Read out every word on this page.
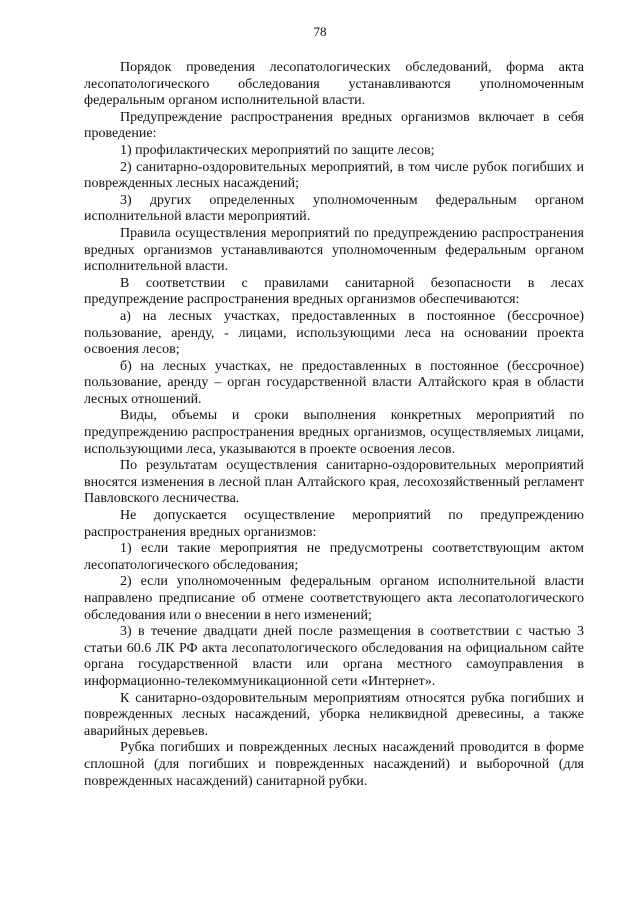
78

Порядок проведения лесопатологических обследований, форма акта лесопатологического обследования устанавливаются уполномоченным федеральным органом исполнительной власти.

Предупреждение распространения вредных организмов включает в себя проведение:

1) профилактических мероприятий по защите лесов;

2) санитарно-оздоровительных мероприятий, в том числе рубок погибших и поврежденных лесных насаждений;

3) других определенных уполномоченным федеральным органом исполнительной власти мероприятий.

Правила осуществления мероприятий по предупреждению распространения вредных организмов устанавливаются уполномоченным федеральным органом исполнительной власти.

В соответствии с правилами санитарной безопасности в лесах предупреждение распространения вредных организмов обеспечиваются:

а) на лесных участках, предоставленных в постоянное (бессрочное) пользование, аренду, - лицами, использующими леса на основании проекта освоения лесов;

б) на лесных участках, не предоставленных в постоянное (бессрочное) пользование, аренду – орган государственной власти Алтайского края в области лесных отношений.

Виды, объемы и сроки выполнения конкретных мероприятий по предупреждению распространения вредных организмов, осуществляемых лицами, использующими леса, указываются в проекте освоения лесов.

По результатам осуществления санитарно-оздоровительных мероприятий вносятся изменения в лесной план Алтайского края, лесохозяйственный регламент Павловского лесничества.

Не допускается осуществление мероприятий по предупреждению распространения вредных организмов:

1) если такие мероприятия не предусмотрены соответствующим актом лесопатологического обследования;

2) если уполномоченным федеральным органом исполнительной власти направлено предписание об отмене соответствующего акта лесопатологического обследования или о внесении в него изменений;

3) в течение двадцати дней после размещения в соответствии с частью 3 статьи 60.6 ЛК РФ акта лесопатологического обследования на официальном сайте органа государственной власти или органа местного самоуправления в информационно-телекоммуникационной сети «Интернет».

К санитарно-оздоровительным мероприятиям относятся рубка погибших и поврежденных лесных насаждений, уборка неликвидной древесины, а также аварийных деревьев.

Рубка погибших и поврежденных лесных насаждений проводится в форме сплошной (для погибших и поврежденных насаждений) и выборочной (для поврежденных насаждений) санитарной рубки.
